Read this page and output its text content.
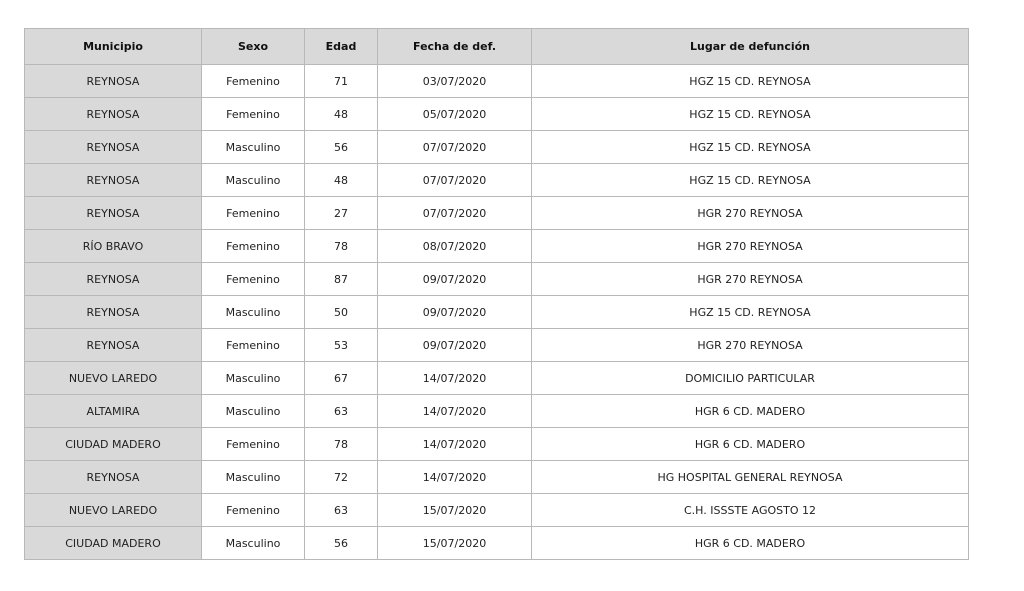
Municipio	Sexo	Edad	Fecha de def.	Lugar de defunción
REYNOSA	Femenino	71	03/07/2020	HGZ 15 CD. REYNOSA
REYNOSA	Femenino	48	05/07/2020	HGZ 15 CD. REYNOSA
REYNOSA	Masculino	56	07/07/2020	HGZ 15 CD. REYNOSA
REYNOSA	Masculino	48	07/07/2020	HGZ 15 CD. REYNOSA
REYNOSA	Femenino	27	07/07/2020	HGR 270 REYNOSA
RÍO BRAVO	Femenino	78	08/07/2020	HGR 270 REYNOSA
REYNOSA	Femenino	87	09/07/2020	HGR 270 REYNOSA
REYNOSA	Masculino	50	09/07/2020	HGZ 15 CD. REYNOSA
REYNOSA	Femenino	53	09/07/2020	HGR 270 REYNOSA
NUEVO LAREDO	Masculino	67	14/07/2020	DOMICILIO PARTICULAR
ALTAMIRA	Masculino	63	14/07/2020	HGR 6 CD. MADERO
CIUDAD MADERO	Femenino	78	14/07/2020	HGR 6 CD. MADERO
REYNOSA	Masculino	72	14/07/2020	HG HOSPITAL GENERAL REYNOSA
NUEVO LAREDO	Femenino	63	15/07/2020	C.H. ISSSTE AGOSTO 12
CIUDAD MADERO	Masculino	56	15/07/2020	HGR 6 CD. MADERO
